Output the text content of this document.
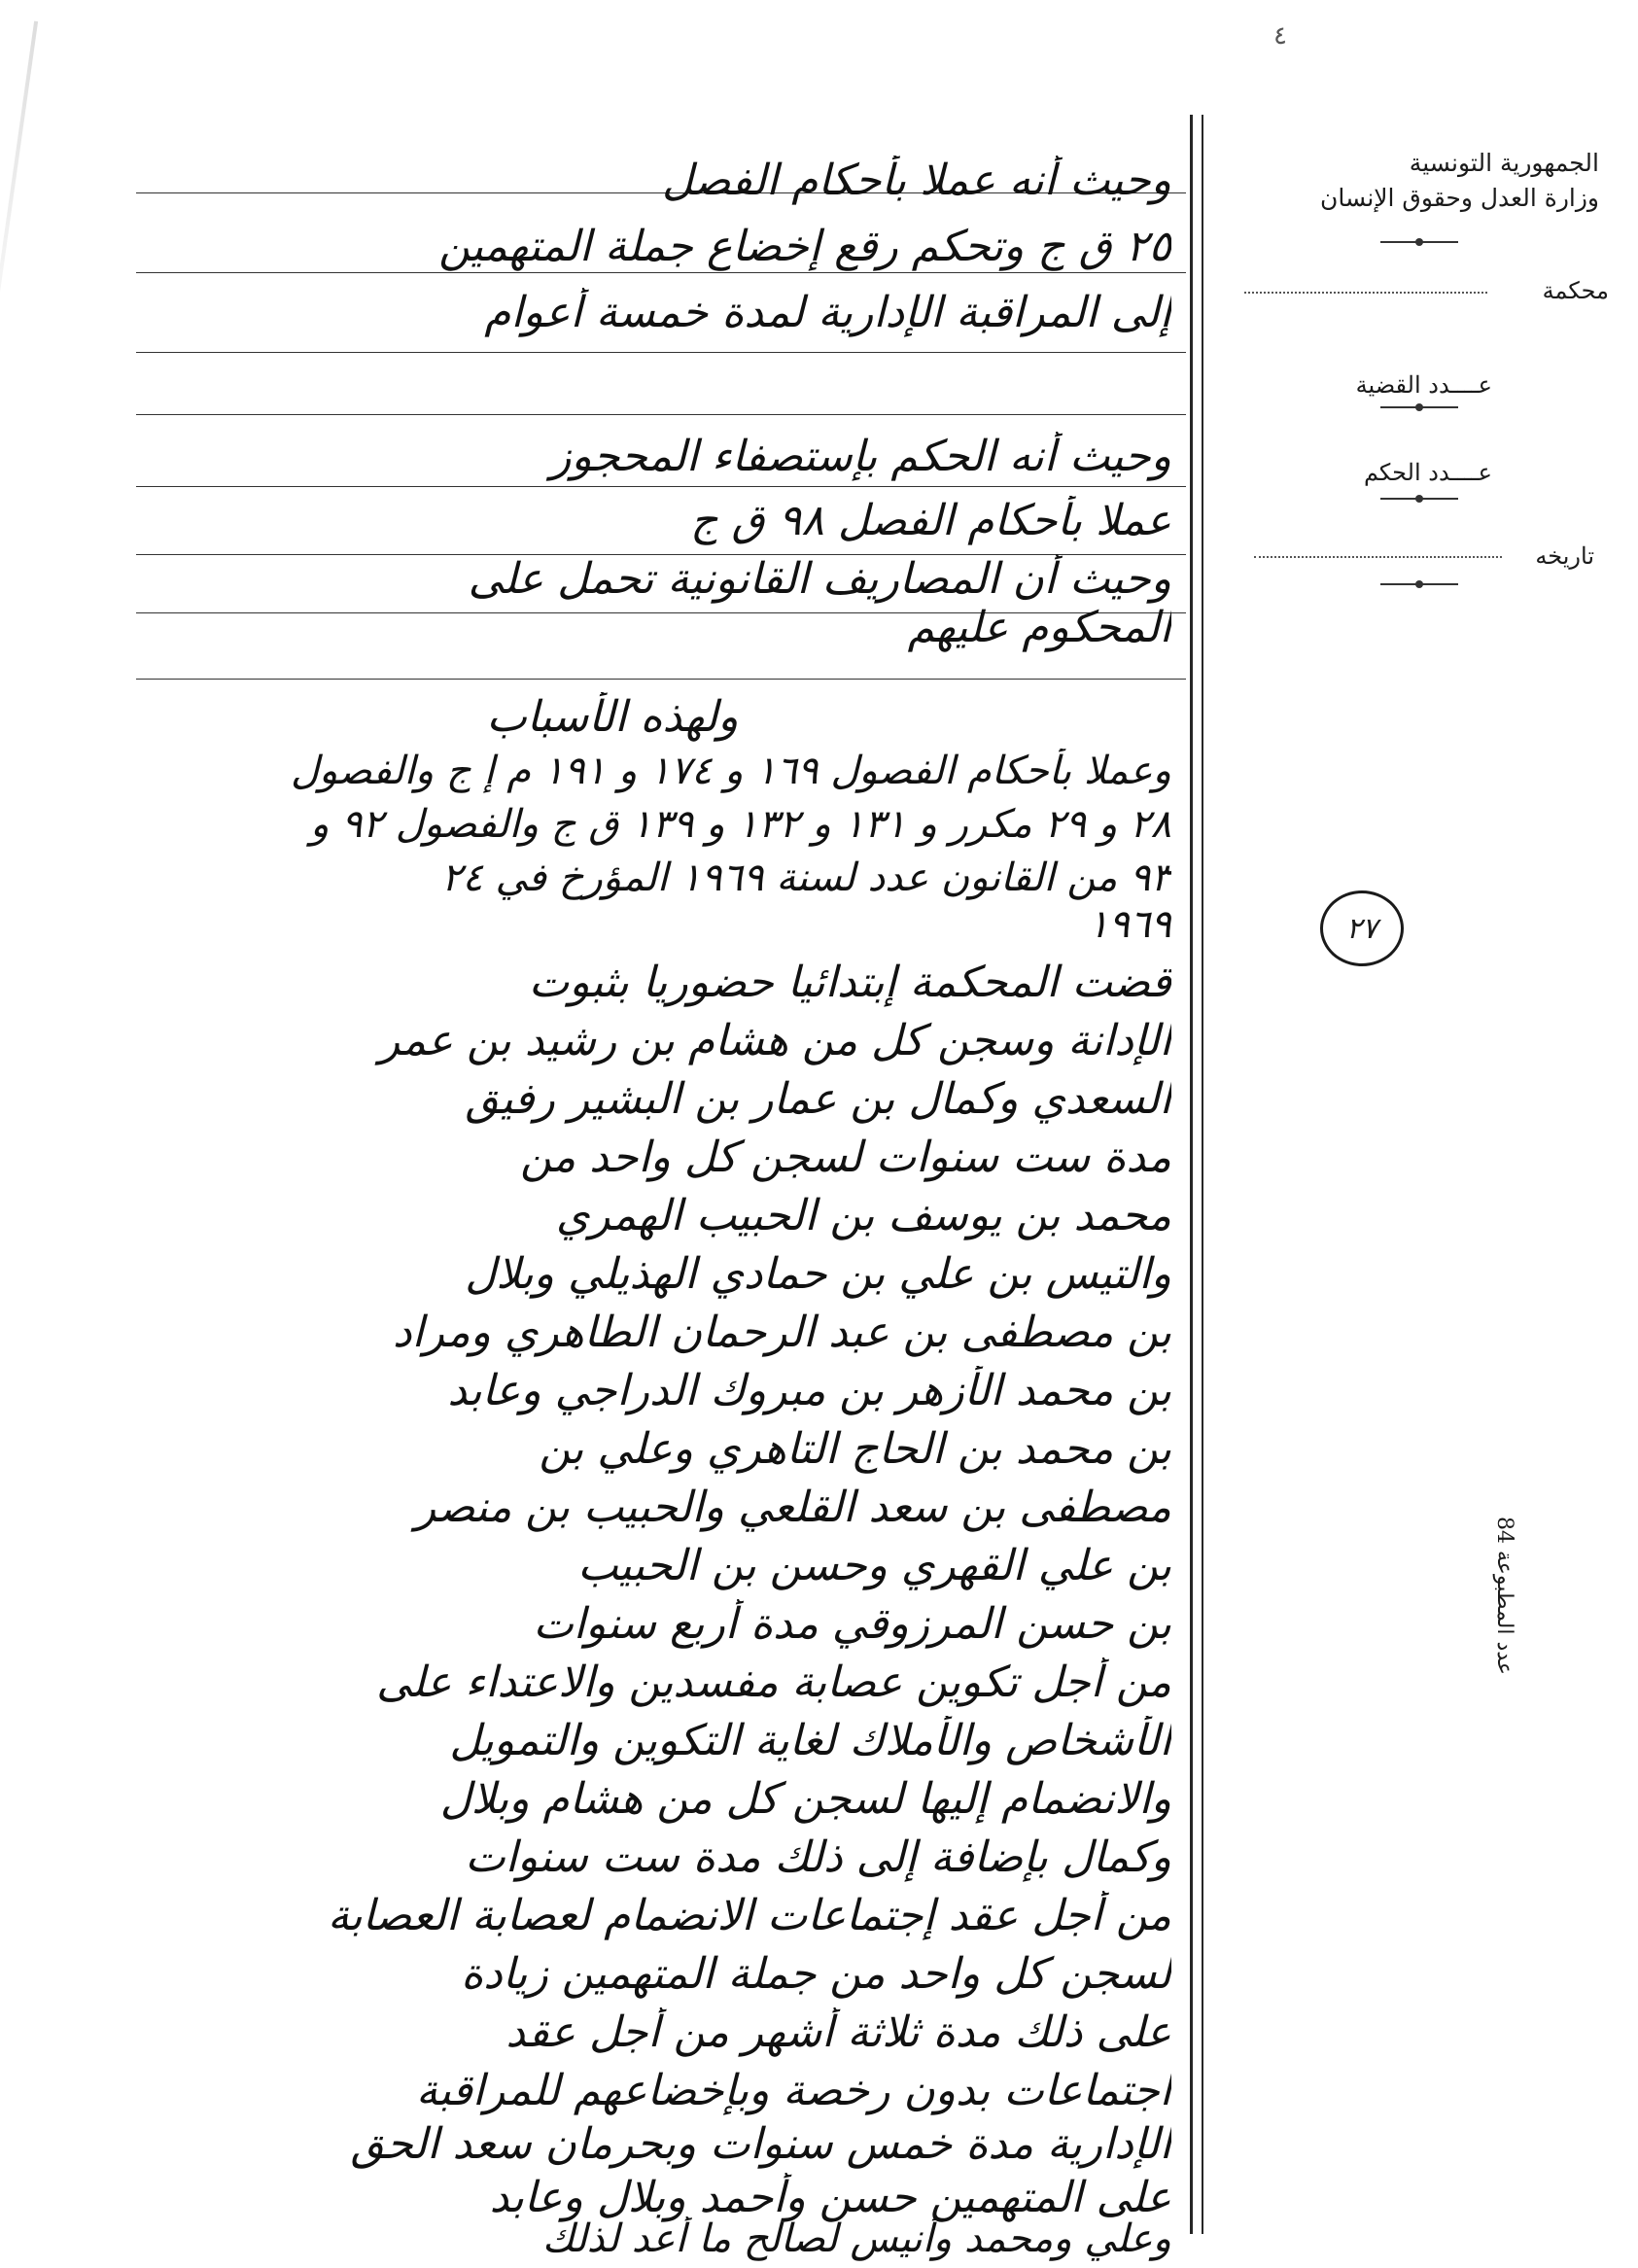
٤
الجمهورية التونسية
وزارة العدل وحقوق الإنسان
محكمة
عــــدد القضية
عــــدد الحكم
تاريخه
٢٧
عدد المطبوعة 84
وحيث أنه عملا بأحكام الفصل
٢٥ ق ج وتحكم رقع إخضاع جملة المتهمين
إلى المراقبة الإدارية لمدة خمسة أعوام
وحيث أنه الحكم بإستصفاء المحجوز
عملا بأحكام الفصل ٩٨ ق ج
وحيث أن المصاريف القانونية تحمل على
المحكوم عليهم
ولهذه الأسباب
وعملا بأحكام الفصول ١٦٩ و ١٧٤ و ١٩١ م إ ج والفصول
٢٨ و ٢٩ مكرر و ١٣١ و ١٣٢ و ١٣٩ ق ج والفصول ٩٢ و
٩٣ من القانون عدد لسنة ١٩٦٩ المؤرخ في ٢٤
١٩٦٩
قضت المحكمة إبتدائيا حضوريا بثبوت
الإدانة وسجن كل من هشام بن رشيد بن عمر
السعدي وكمال بن عمار بن البشير رفيق
مدة ست سنوات لسجن كل واحد من
محمد بن يوسف بن الحبيب الهمري
والتيس بن علي بن حمادي الهذيلي وبلال
بن مصطفى بن عبد الرحمان الطاهري ومراد
بن محمد الأزهر بن مبروك الدراجي وعابد
بن محمد بن الحاج التاهري وعلي بن
مصطفى بن سعد القلعي والحبيب بن منصر
بن علي القهري وحسن بن الحبيب
بن حسن المرزوقي مدة أربع سنوات
من أجل تكوين عصابة مفسدين والاعتداء على
الأشخاص والأملاك لغاية التكوين والتمويل
والانضمام إليها لسجن كل من هشام وبلال
وكمال بإضافة إلى ذلك مدة ست سنوات
من أجل عقد إجتماعات الانضمام لعصابة العصابة
لسجن كل واحد من جملة المتهمين زيادة
على ذلك مدة ثلاثة أشهر من أجل عقد
اجتماعات بدون رخصة وبإخضاعهم للمراقبة
الإدارية مدة خمس سنوات وبحرمان سعد الحق
على المتهمين حسن وأحمد وبلال وعابد
وعلي ومحمد وأنيس لصالح ما أعد لذلك
